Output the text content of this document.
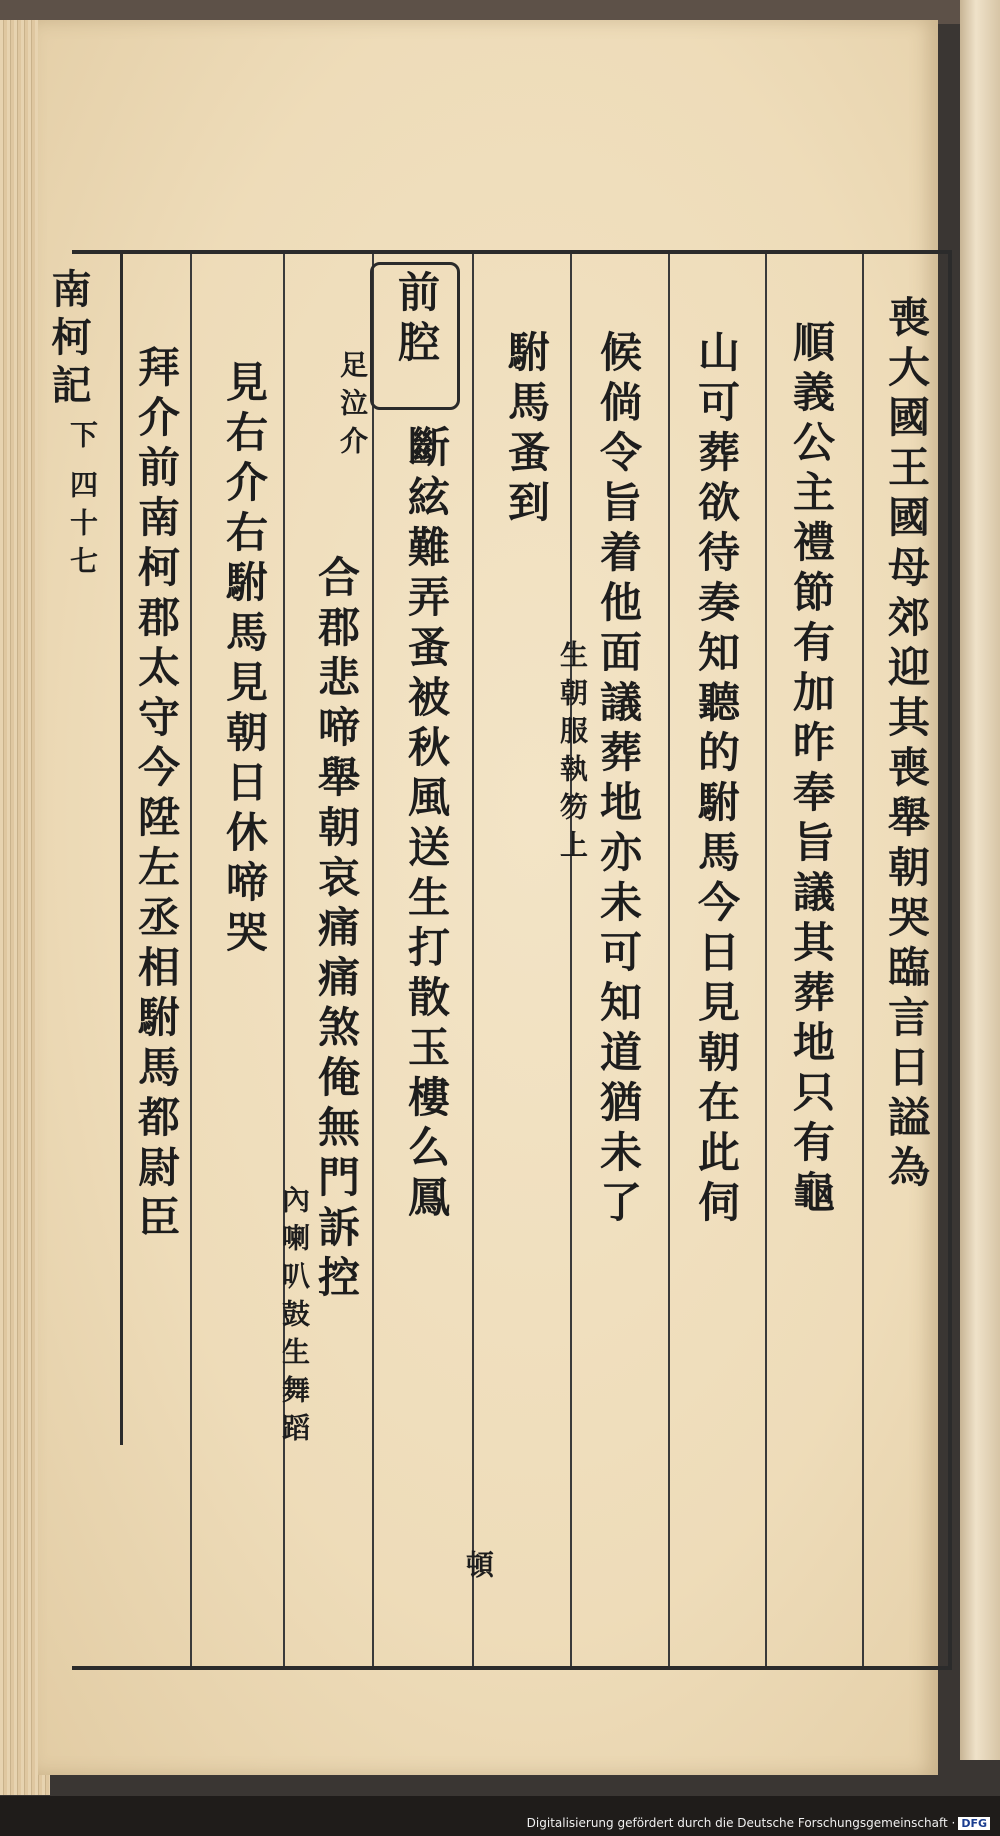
南柯記
下
四十七	喪大國王國母郊迎其喪舉朝哭臨言日謚為
順義公主禮節有加昨奉旨議其葬地只有龜
山可葬欲待奏知聽的駙馬今日見朝在此伺
候倘令旨着他面議葬地亦未可知道猶未了
駙馬蚤到
生朝服執笏上
前腔
斷絃難弄蚤被秋風送生打散玉樓么鳳
頓
足泣介
合郡悲啼舉朝哀痛痛煞俺無門訴控
見右介右駙馬見朝日休啼哭
內喇叭鼓生舞蹈
拜介前南柯郡太守今陞左丞相駙馬都尉臣
Digitalisierung gefördert durch die Deutsche Forschungsgemeinschaft · DFG
